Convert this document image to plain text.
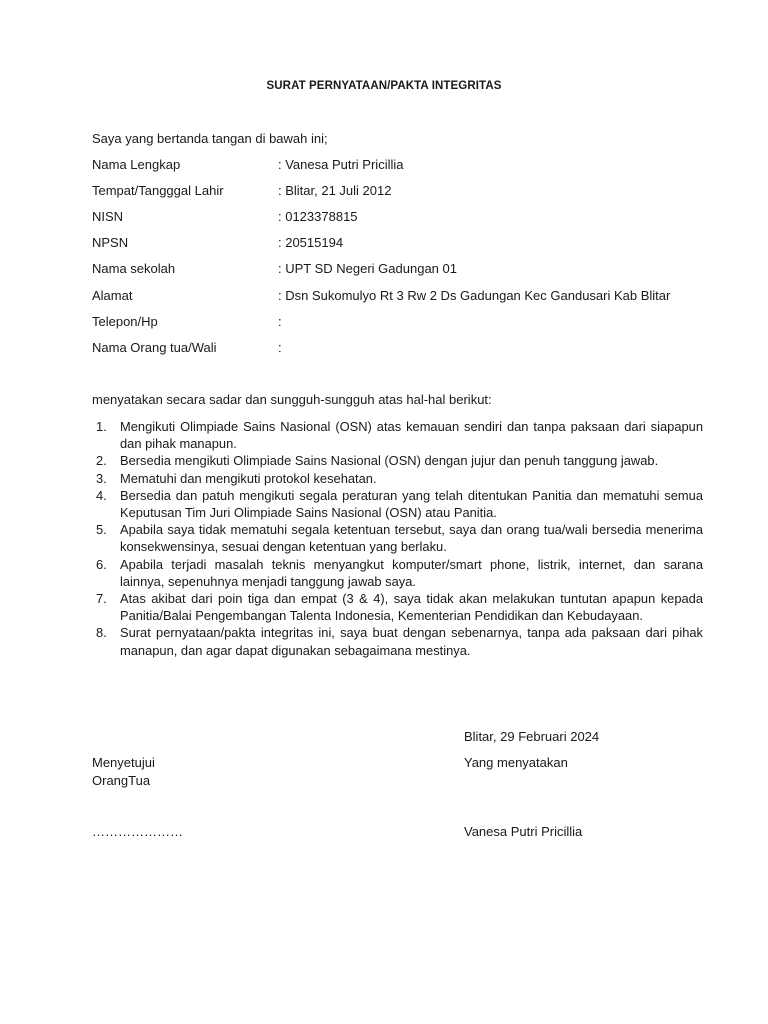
SURAT PERNYATAAN/PAKTA INTEGRITAS
Saya yang bertanda tangan di bawah ini;
Nama Lengkap	: Vanesa Putri Pricillia
Tempat/Tangggal Lahir	: Blitar, 21 Juli 2012
NISN	: 0123378815
NPSN	: 20515194
Nama sekolah	: UPT SD Negeri Gadungan 01
Alamat	: Dsn Sukomulyo Rt 3 Rw 2 Ds Gadungan Kec Gandusari Kab Blitar
Telepon/Hp	:
Nama Orang tua/Wali	:
menyatakan secara sadar dan sungguh-sungguh atas hal-hal berikut:
1. Mengikuti Olimpiade Sains Nasional (OSN) atas kemauan sendiri dan tanpa paksaan dari siapapun dan pihak manapun.
2. Bersedia mengikuti Olimpiade Sains Nasional (OSN) dengan jujur dan penuh tanggung jawab.
3. Mematuhi dan mengikuti protokol kesehatan.
4. Bersedia dan patuh mengikuti segala peraturan yang telah ditentukan Panitia dan mematuhi semua Keputusan Tim Juri Olimpiade Sains Nasional (OSN) atau Panitia.
5. Apabila saya tidak mematuhi segala ketentuan tersebut, saya dan orang tua/wali bersedia menerima konsekwensinya, sesuai dengan ketentuan yang berlaku.
6. Apabila terjadi masalah teknis menyangkut komputer/smart phone, listrik, internet, dan sarana lainnya, sepenuhnya menjadi tanggung jawab saya.
7. Atas akibat dari poin tiga dan empat (3 & 4), saya tidak akan melakukan tuntutan apapun kepada Panitia/Balai Pengembangan Talenta Indonesia, Kementerian Pendidikan dan Kebudayaan.
8. Surat pernyataan/pakta integritas ini, saya buat dengan sebenarnya, tanpa ada paksaan dari pihak manapun, dan agar dapat digunakan sebagaimana mestinya.
Blitar, 29 Februari 2024
Menyetujui
OrangTua
Yang menyatakan
…………………	Vanesa Putri Pricillia
